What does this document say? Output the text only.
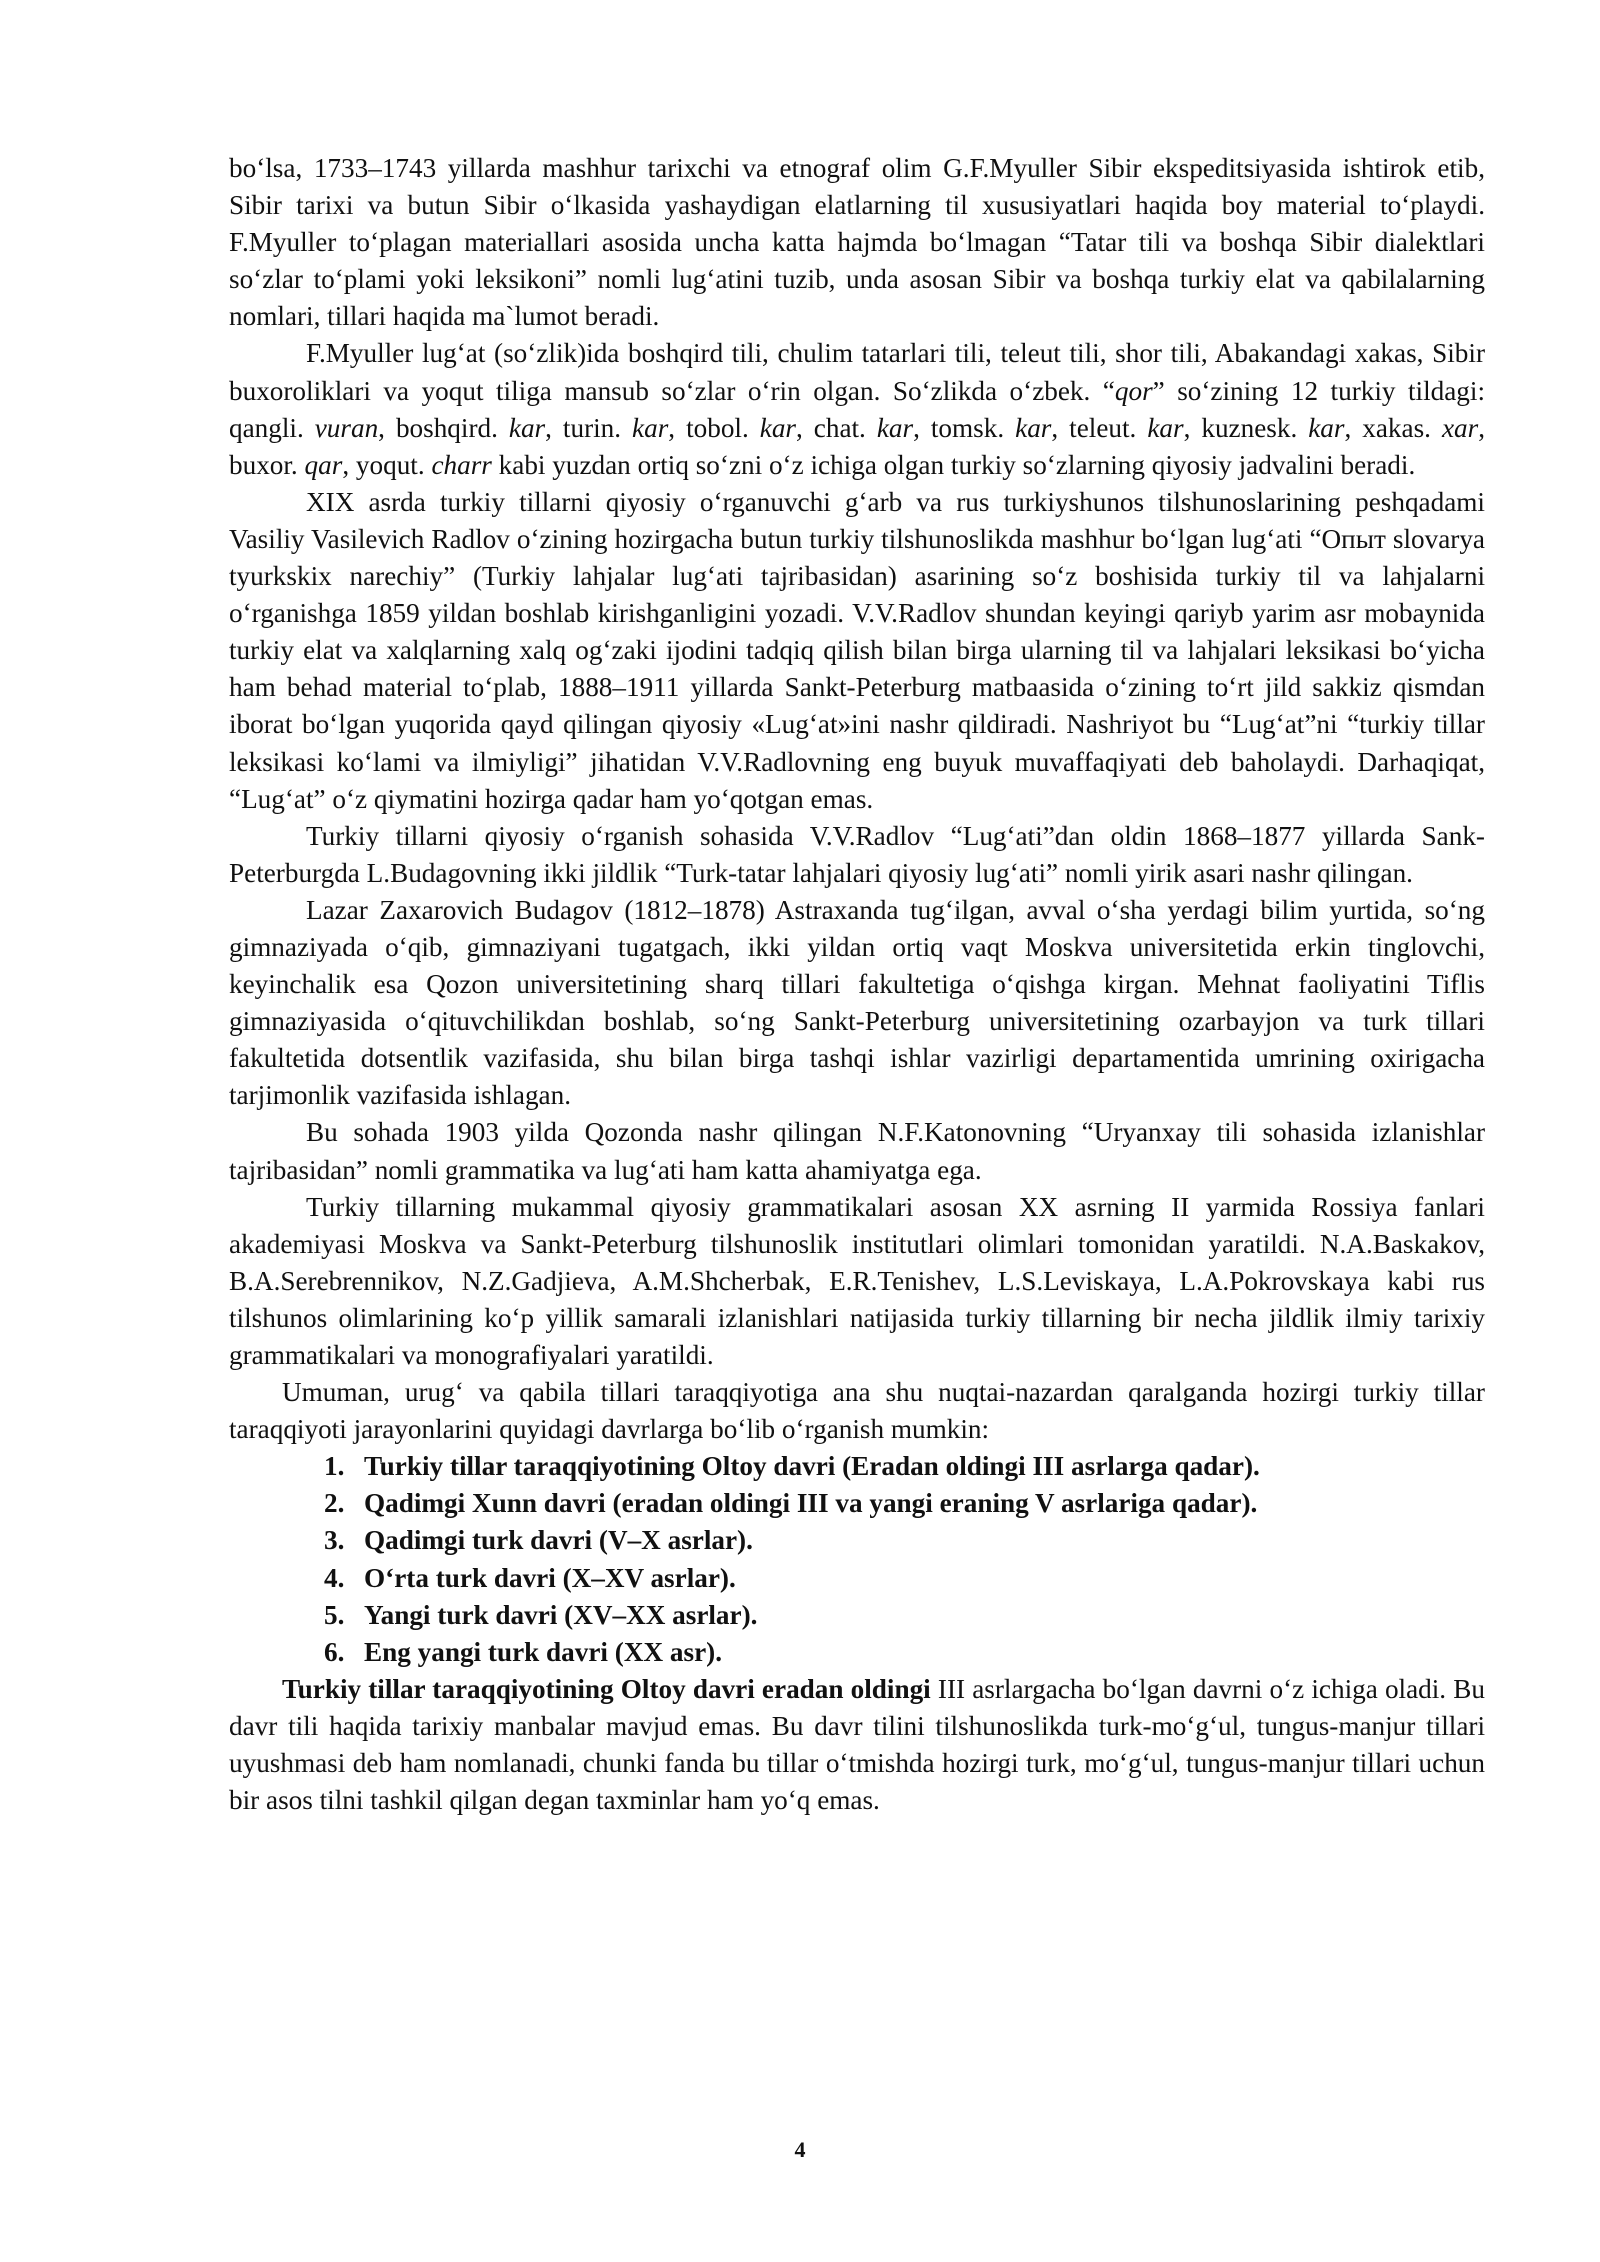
bo‘lsa, 1733–1743 yillarda mashhur tarixchi va etnograf olim G.F.Myuller Sibir ekspeditsiyasida ishtirok etib, Sibir tarixi va butun Sibir o‘lkasida yashaydigan elatlarning til xususiyatlari haqida boy material to‘playdi. F.Myuller to‘plagan materiallari asosida uncha katta hajmda bo‘lmagan “Tatar tili va boshqa Sibir dialektlari so‘zlar to‘plami yoki leksikoni” nomli lug‘atini tuzib, unda asosan Sibir va boshqa turkiy elat va qabilalarning nomlari, tillari haqida ma`lumot beradi.

F.Myuller lug‘at (so‘zlik)ida boshqird tili, chulim tatarlari tili, teleut tili, shor tili, Abakandagi xakas, Sibir buxoroliklari va yoqut tiliga mansub so‘zlar o‘rin olgan. So‘zlikda o‘zbek. “qor” so‘zining 12 turkiy tildagi: qangli. vuran, boshqird. kar, turin. kar, tobol. kar, chat. kar, tomsk. kar, teleut. kar, kuznesk. kar, xakas. xar, buxor. qar, yoqut. charr kabi yuzdan ortiq so‘zni o‘z ichiga olgan turkiy so‘zlarning qiyosiy jadvalini beradi.

XIX asrda turkiy tillarni qiyosiy o‘rganuvchi g‘arb va rus turkiyshunos tilshunoslarining peshqadami Vasiliy Vasilevich Radlov o‘zining hozirgacha butun turkiy tilshunoslikda mashhur bo‘lgan lug‘ati “Опыт slovarya tyurkskix narechiy” (Turkiy lahjalar lug‘ati tajribasidan) asarining so‘z boshisida turkiy til va lahjalarni o‘rganishga 1859 yildan boshlab kirishganligini yozadi. V.V.Radlov shundan keyingi qariyb yarim asr mobaynida turkiy elat va xalqlarning xalq og‘zaki ijodini tadqiq qilish bilan birga ularning til va lahjalari leksikasi bo‘yicha ham behad material to‘plab, 1888–1911 yillarda Sankt-Peterburg matbaasida o‘zining to‘rt jild sakkiz qismdan iborat bo‘lgan yuqorida qayd qilingan qiyosiy «Lug‘at»ini nashr qildiradi. Nashriyot bu “Lug‘at”ni “turkiy tillar leksikasi ko‘lami va ilmiyligi” jihatidan V.V.Radlovning eng buyuk muvaffaqiyati deb baholaydi. Darhaqiqat, “Lug‘at” o‘z qiymatini hozirga qadar ham yo‘qotgan emas.

Turkiy tillarni qiyosiy o‘rganish sohasida V.V.Radlov “Lug‘ati”dan oldin 1868–1877 yillarda Sank-Peterburgda L.Budagovning ikki jildlik “Turk-tatar lahjalari qiyosiy lug‘ati” nomli yirik asari nashr qilingan.

Lazar Zaxarovich Budagov (1812–1878) Astraxanda tug‘ilgan, avval o‘sha yerdagi bilim yurtida, so‘ng gimnaziyada o‘qib, gimnaziyani tugatgach, ikki yildan ortiq vaqt Moskva universitetida erkin tinglovchi, keyinchalik esa Qozon universitetining sharq tillari fakultetiga o‘qishga kirgan. Mehnat faoliyatini Tiflis gimnaziyasida o‘qituvchilikdan boshlab, so‘ng Sankt-Peterburg universitetining ozarbayjon va turk tillari fakultetida dotsentlik vazifasida, shu bilan birga tashqi ishlar vazirligi departamentida umrining oxirigacha tarjimonlik vazifasida ishlagan.

Bu sohada 1903 yilda Qozonda nashr qilingan N.F.Katonovning “Uryanxay tili sohasida izlanishlar tajribasidan” nomli grammatika va lug‘ati ham katta ahamiyatga ega.

Turkiy tillarning mukammal qiyosiy grammatikalari asosan XX asrning II yarmida Rossiya fanlari akademiyasi Moskva va Sankt-Peterburg tilshunoslik institutlari olimlari tomonidan yaratildi. N.A.Baskakov, B.A.Serebrennikov, N.Z.Gadjieva, A.M.Shcherbak, E.R.Tenishev, L.S.Leviskaya, L.A.Pokrovskaya kabi rus tilshunos olimlarining ko‘p yillik samarali izlanishlari natijasida turkiy tillarning bir necha jildlik ilmiy tarixiy grammatikalari va monografiyalari yaratildi.

Umuman, urug‘ va qabila tillari taraqqiyotiga ana shu nuqtai-nazardan qaralganda hozirgi turkiy tillar taraqqiyoti jarayonlarini quyidagi davrlarga bo‘lib o‘rganish mumkin:

1. Turkiy tillar taraqqiyotining Oltoy davri (Eradan oldingi III asrlarga qadar).
2. Qadimgi Xunn davri (eradan oldingi III va yangi eraning V asrlariga qadar).
3. Qadimgi turk davri (V–X asrlar).
4. O‘rta turk davri (X–XV asrlar).
5. Yangi turk davri (XV–XX asrlar).
6. Eng yangi turk davri (XX asr).

Turkiy tillar taraqqiyotining Oltoy davri eradan oldingi III asrlargacha bo‘lgan davrni o‘z ichiga oladi. Bu davr tili haqida tarixiy manbalar mavjud emas. Bu davr tilini tilshunoslikda turk-mo‘g‘ul, tungus-manjur tillari uyushmasi deb ham nomlanadi, chunki fanda bu tillar o‘tmishda hozirgi turk, mo‘g‘ul, tungus-manjur tillari uchun bir asos tilni tashkil qilgan degan taxminlar ham yo‘q emas.

4
